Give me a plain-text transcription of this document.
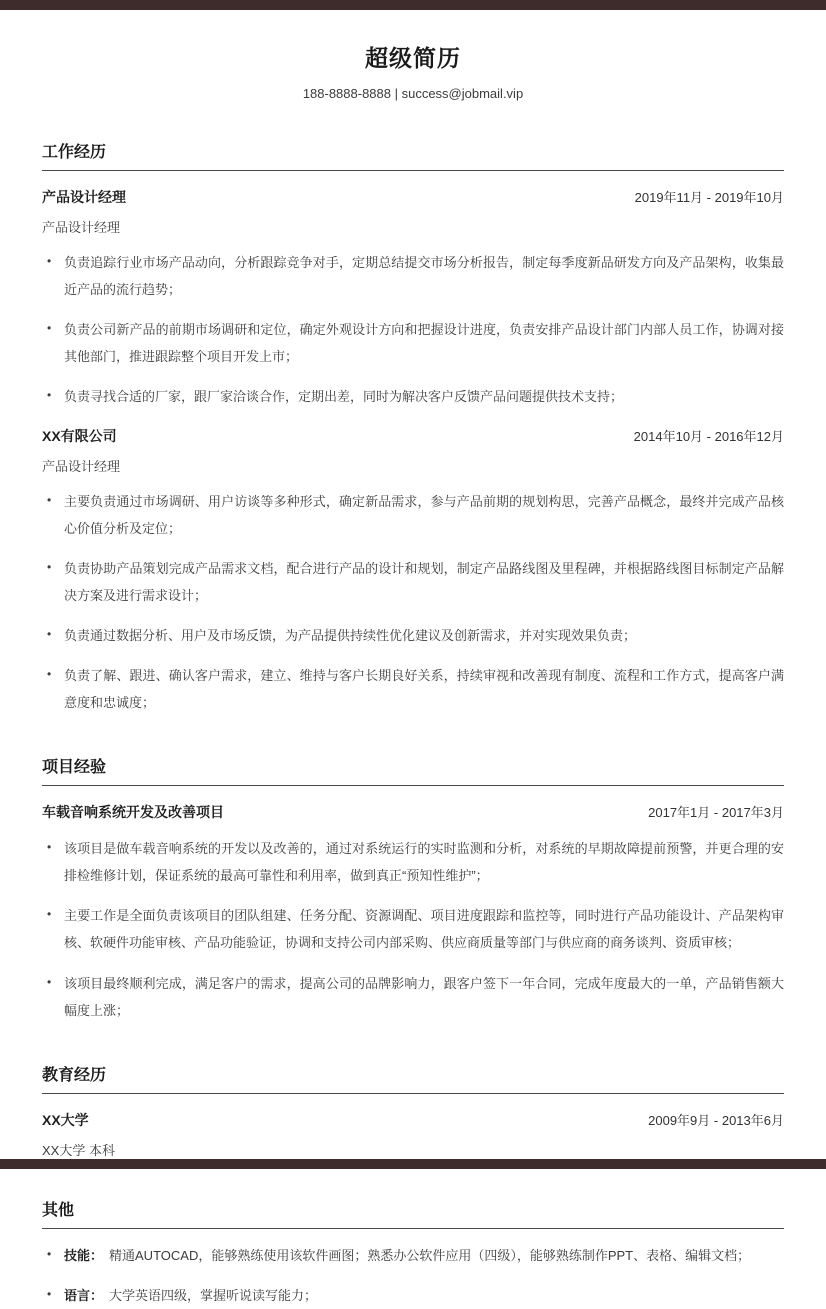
超级简历
188-8888-8888 | success@jobmail.vip
工作经历
产品设计经理	2019年11月 - 2019年10月
产品设计经理
• 负责追踪行业市场产品动向，分析跟踪竞争对手，定期总结提交市场分析报告，制定每季度新品研发方向及产品架构，收集最近产品的流行趋势；
• 负责公司新产品的前期市场调研和定位，确定外观设计方向和把握设计进度，负责安排产品设计部门内部人员工作，协调对接其他部门，推进跟踪整个项目开发上市；
• 负责寻找合适的厂家，跟厂家洽谈合作，定期出差，同时为解决客户反馈产品问题提供技术支持；
XX有限公司	2014年10月 - 2016年12月
产品设计经理
• 主要负责通过市场调研、用户访谈等多种形式，确定新品需求，参与产品前期的规划构思，完善产品概念，最终并完成产品核心价值分析及定位；
• 负责协助产品策划完成产品需求文档，配合进行产品的设计和规划，制定产品路线图及里程碑，并根据路线图目标制定产品解决方案及进行需求设计；
• 负责通过数据分析、用户及市场反馈，为产品提供持续性优化建议及创新需求，并对实现效果负责；
• 负责了解、跟进、确认客户需求，建立、维持与客户长期良好关系，持续审视和改善现有制度、流程和工作方式，提高客户满意度和忠诚度；
项目经验
车载音响系统开发及改善项目	2017年1月 - 2017年3月
• 该项目是做车载音响系统的开发以及改善的，通过对系统运行的实时监测和分析，对系统的早期故障提前预警，并更合理的安排检维修计划，保证系统的最高可靠性和利用率，做到真正“预知性维护”；
• 主要工作是全面负责该项目的团队组建、任务分配、资源调配、项目进度跟踪和监控等，同时进行产品功能设计、产品架构审核、软硬件功能审核、产品功能验证，协调和支持公司内部采购、供应商质量等部门与供应商的商务谈判、资质审核；
• 该项目最终顺利完成，满足客户的需求，提高公司的品牌影响力，跟客户签下一年合同，完成年度最大的一单，产品销售额大幅度上涨；
教育经历
XX大学	2009年9月 - 2013年6月
XX大学 本科
其他
• 技能： 精通AUTOCAD，能够熟练使用该软件画图；熟悉办公软件应用（四级），能够熟练制作PPT、表格、编辑文档；
• 语言： 大学英语四级，掌握听说读写能力；
